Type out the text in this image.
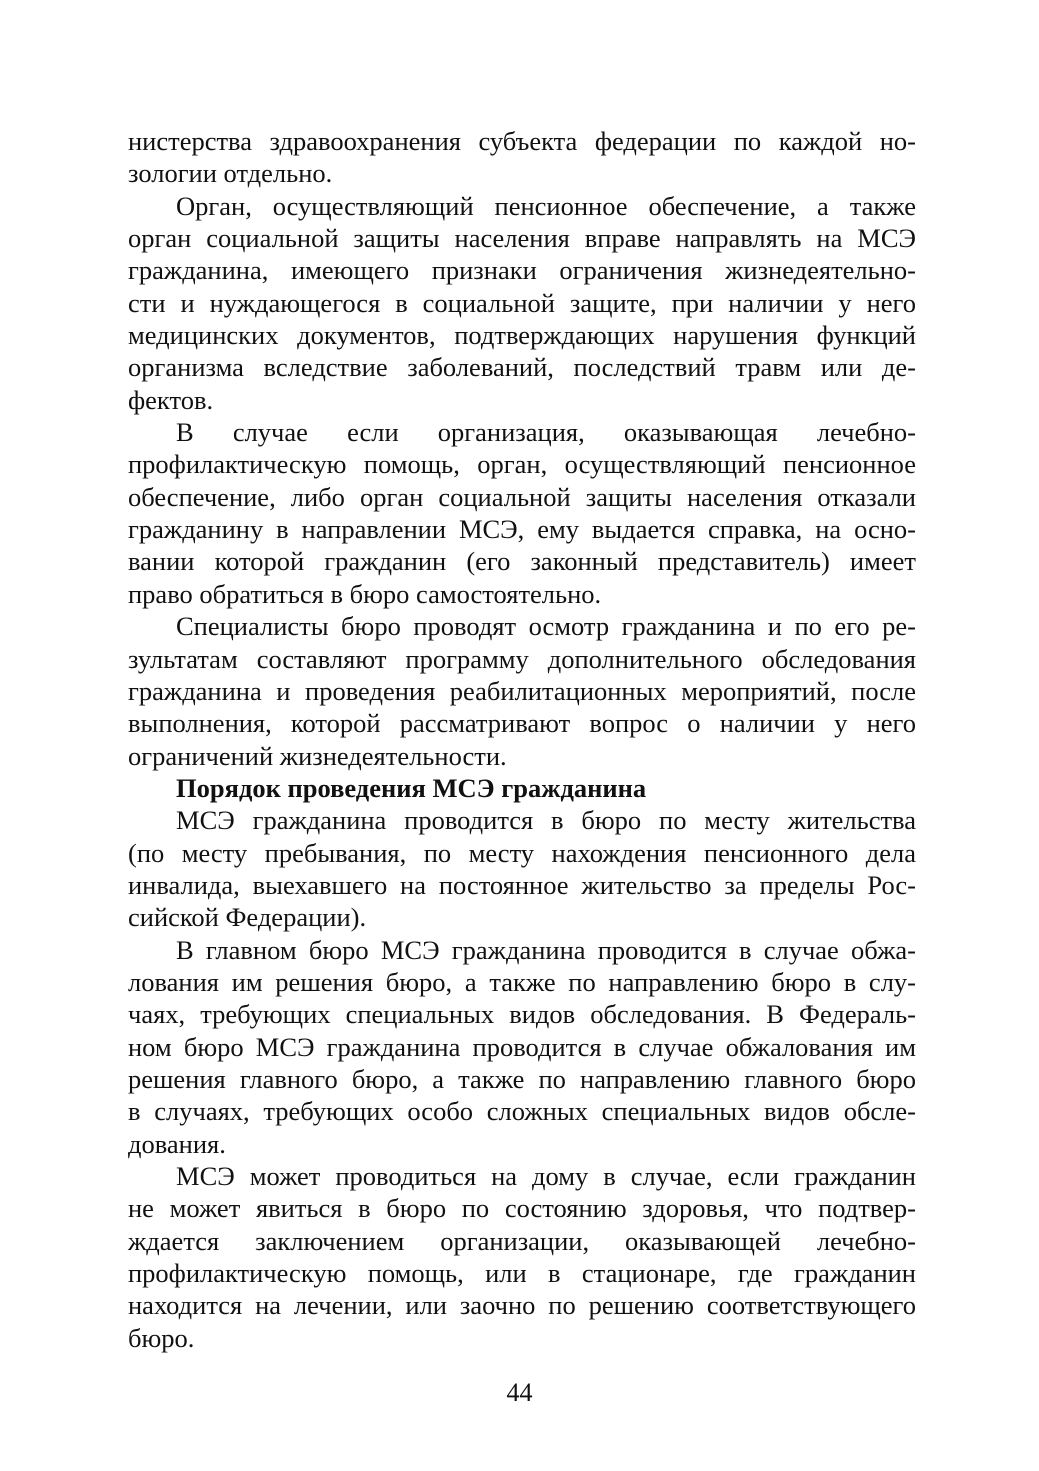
нистерства здравоохранения субъекта федерации по каждой но-
зологии отдельно.
Орган, осуществляющий пенсионное обеспечение, а также
орган социальной защиты населения вправе направлять на МСЭ
гражданина, имеющего признаки ограничения жизнедеятельно-
сти и нуждающегося в социальной защите, при наличии у него
медицинских документов, подтверждающих нарушения функций
организма вследствие заболеваний, последствий травм или де-
фектов.
В случае если организация, оказывающая лечебно-
профилактическую помощь, орган, осуществляющий пенсионное
обеспечение, либо орган социальной защиты населения отказали
гражданину в направлении МСЭ, ему выдается справка, на осно-
вании которой гражданин (его законный представитель) имеет
право обратиться в бюро самостоятельно.
Специалисты бюро проводят осмотр гражданина и по его ре-
зультатам составляют программу дополнительного обследования
гражданина и проведения реабилитационных мероприятий, после
выполнения, которой рассматривают вопрос о наличии у него
ограничений жизнедеятельности.
Порядок проведения МСЭ гражданина
МСЭ гражданина проводится в бюро по месту жительства
(по месту пребывания, по месту нахождения пенсионного дела
инвалида, выехавшего на постоянное жительство за пределы Рос-
сийской Федерации).
В главном бюро МСЭ гражданина проводится в случае обжа-
лования им решения бюро, а также по направлению бюро в слу-
чаях, требующих специальных видов обследования. В Федераль-
ном бюро МСЭ гражданина проводится в случае обжалования им
решения главного бюро, а также по направлению главного бюро
в случаях, требующих особо сложных специальных видов обсле-
дования.
МСЭ может проводиться на дому в случае, если гражданин
не может явиться в бюро по состоянию здоровья, что подтвер-
ждается заключением организации, оказывающей лечебно-
профилактическую помощь, или в стационаре, где гражданин
находится на лечении, или заочно по решению соответствующего
бюро.
44
